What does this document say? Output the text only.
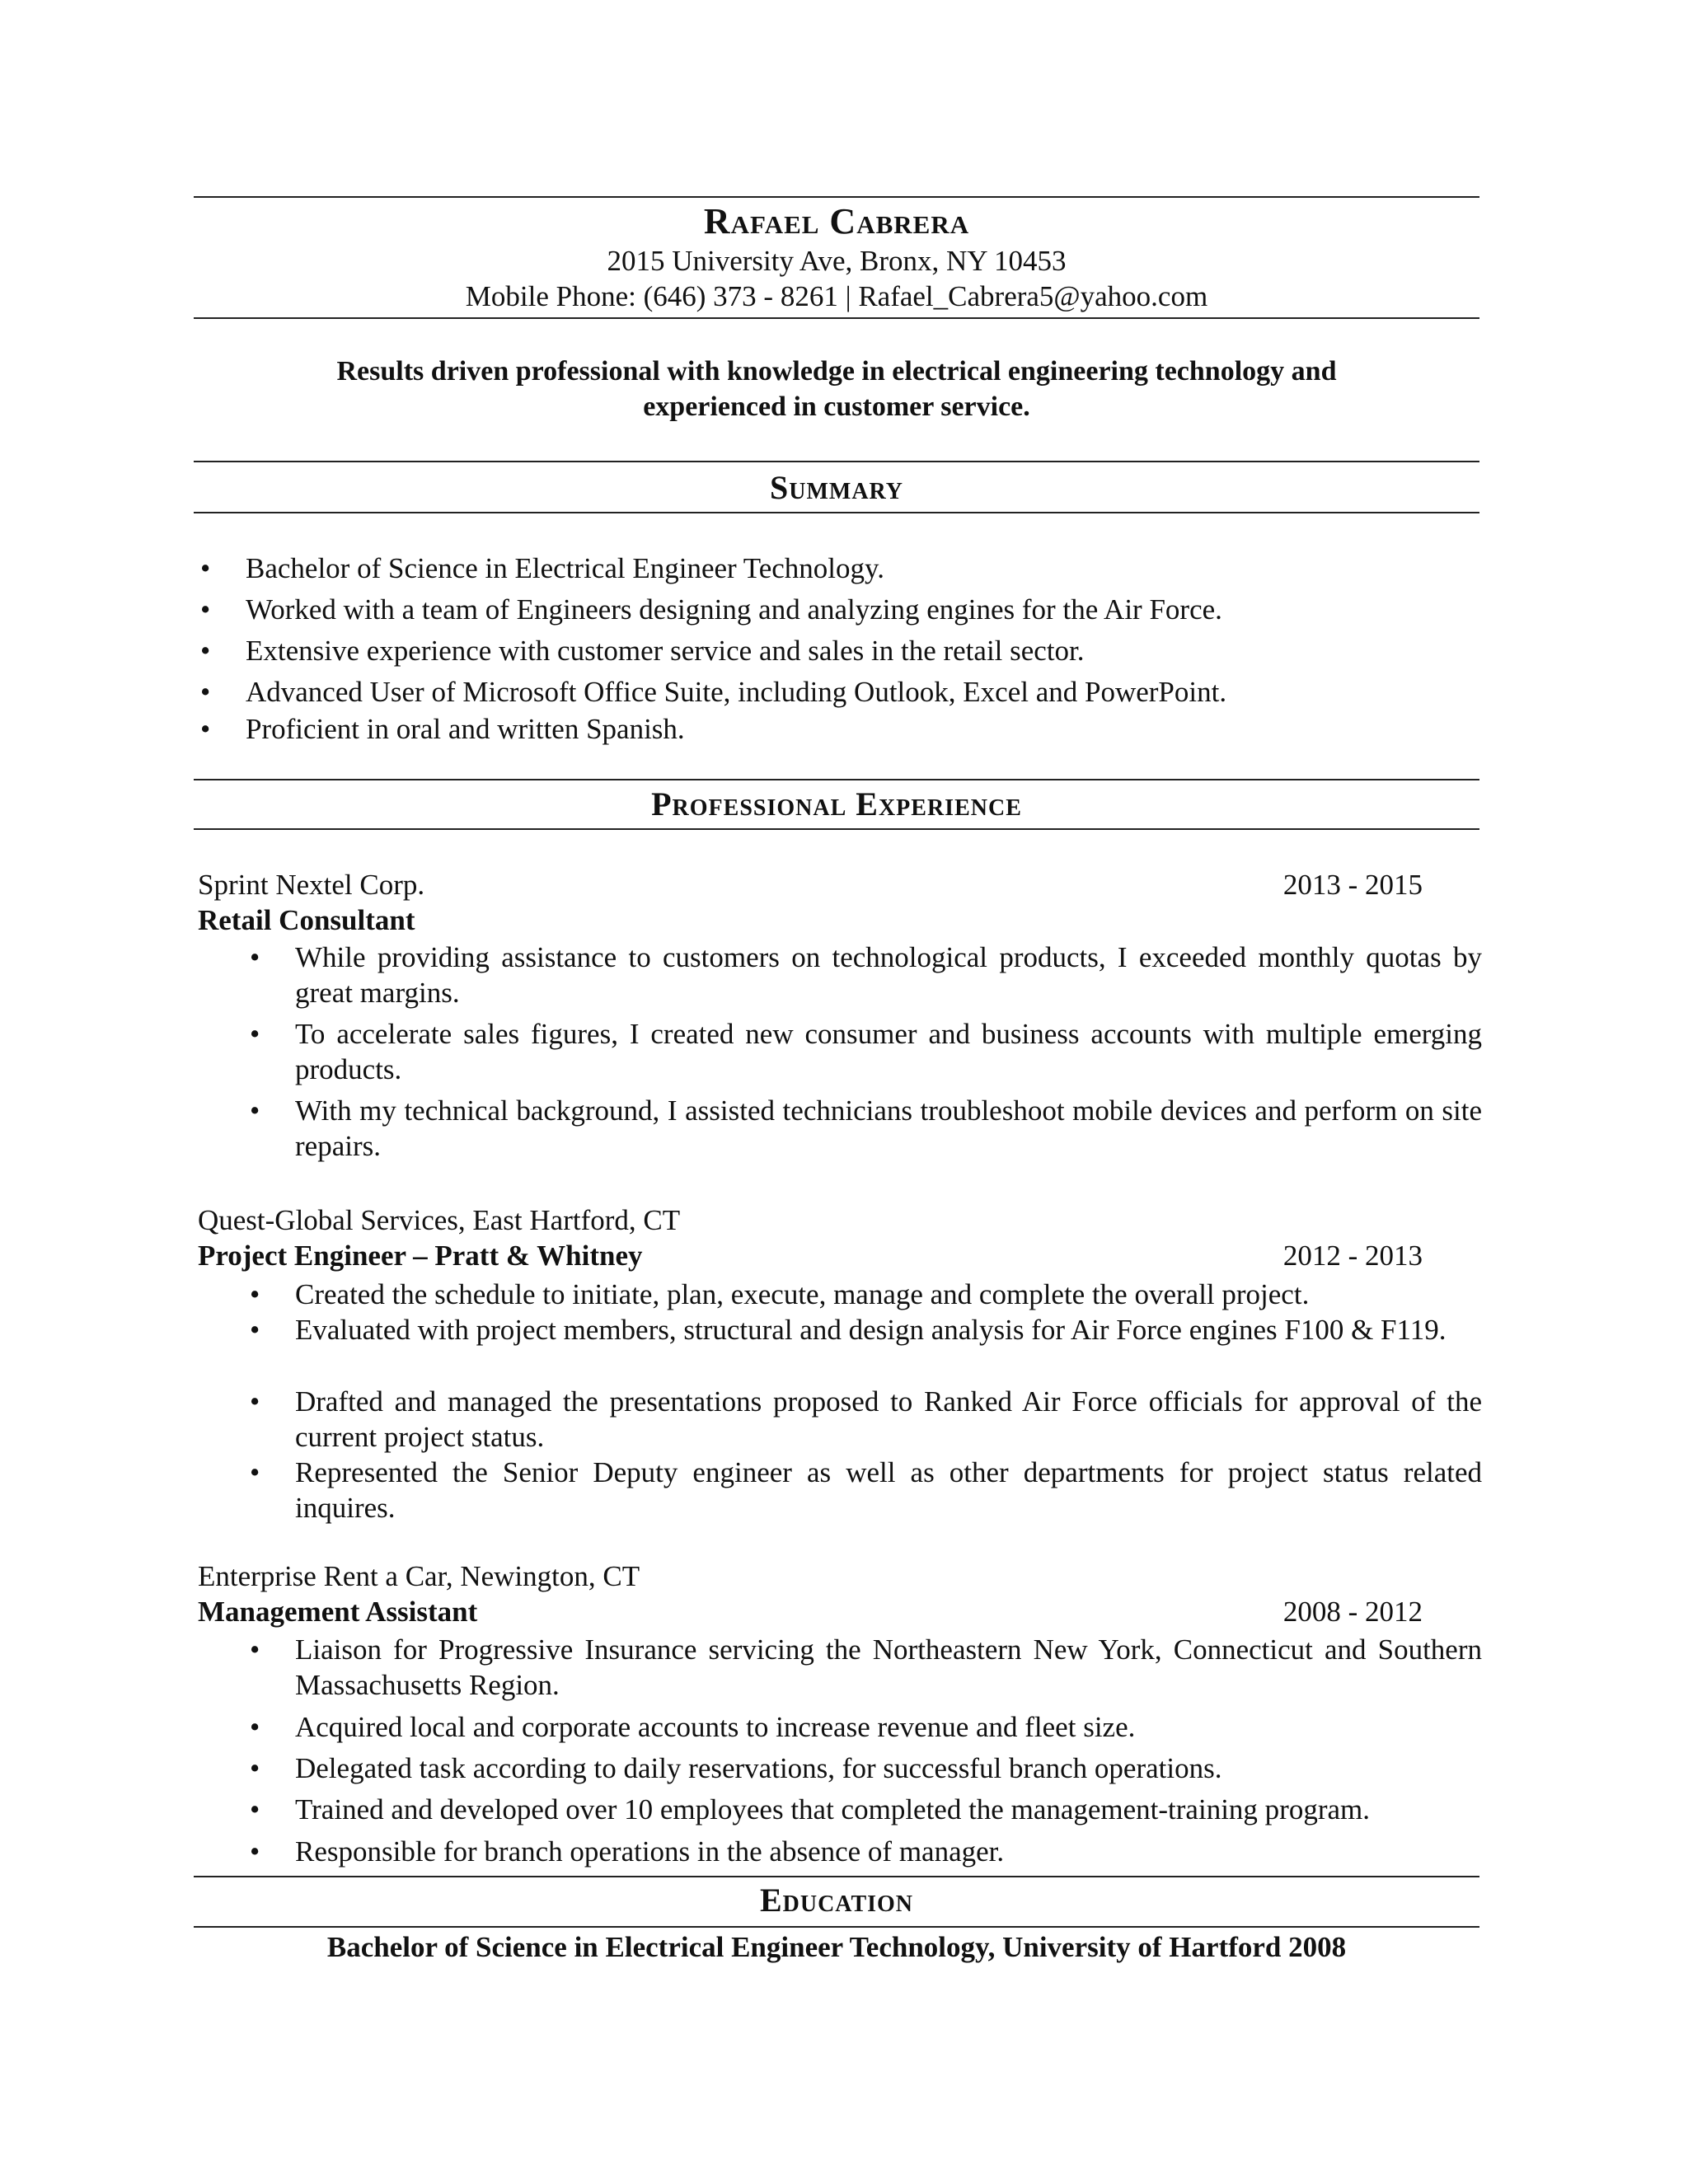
Rafael Cabrera
2015 University Ave, Bronx, NY 10453
Mobile Phone: (646) 373 - 8261 | Rafael_Cabrera5@yahoo.com
Results driven professional with knowledge in electrical engineering technology and
experienced in customer service.
Summary
• Bachelor of Science in Electrical Engineer Technology.
• Worked with a team of Engineers designing and analyzing engines for the Air Force.
• Extensive experience with customer service and sales in the retail sector.
• Advanced User of Microsoft Office Suite, including Outlook, Excel and PowerPoint.
• Proficient in oral and written Spanish.
Professional Experience
Sprint Nextel Corp.	2013 - 2015
Retail Consultant
• While providing assistance to customers on technological products, I exceeded monthly quotas by great margins.
• To accelerate sales figures, I created new consumer and business accounts with multiple emerging products.
• With my technical background, I assisted technicians troubleshoot mobile devices and perform on site repairs.
Quest-Global Services, East Hartford, CT
2012 - 2013
Project Engineer – Pratt & Whitney
• Created the schedule to initiate, plan, execute, manage and complete the overall project.
• Evaluated with project members, structural and design analysis for Air Force engines F100 & F119.
• Drafted and managed the presentations proposed to Ranked Air Force officials for approval of the current project status.
• Represented the Senior Deputy engineer as well as other departments for project status related inquires.
Enterprise Rent a Car, Newington, CT
2008 - 2012
Management Assistant
• Liaison for Progressive Insurance servicing the Northeastern New York, Connecticut and Southern Massachusetts Region.
• Acquired local and corporate accounts to increase revenue and fleet size.
• Delegated task according to daily reservations, for successful branch operations.
• Trained and developed over 10 employees that completed the management-training program.
• Responsible for branch operations in the absence of manager.
Education
Bachelor of Science in Electrical Engineer Technology, University of Hartford 2008
